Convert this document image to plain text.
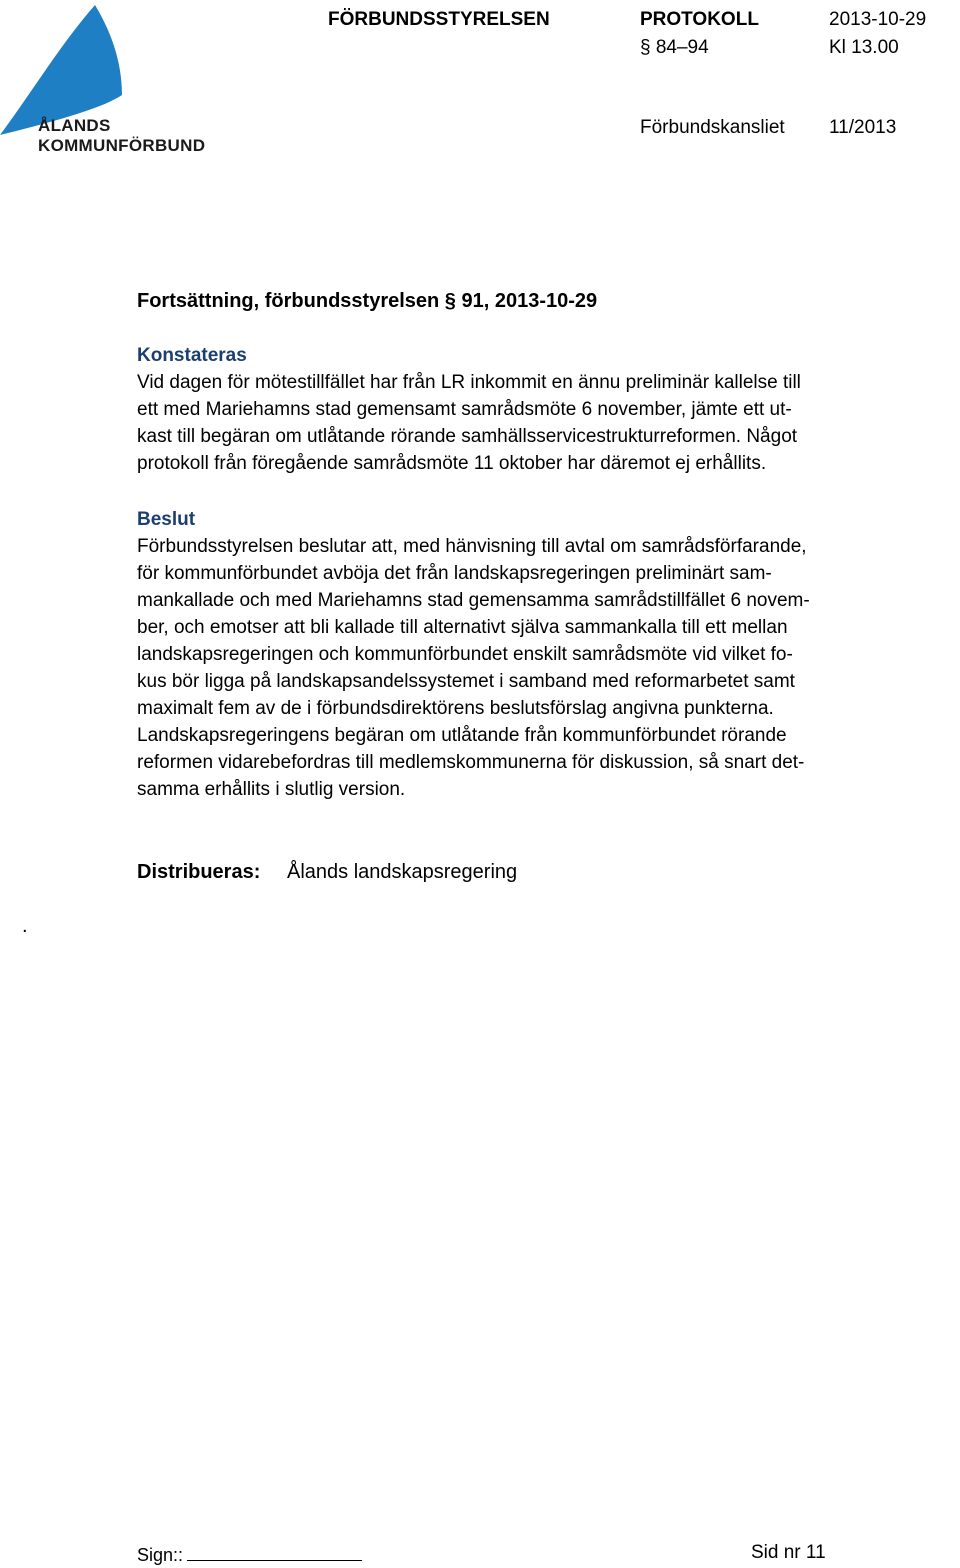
ÅLANDS
KOMMUNFÖRBUND
FÖRBUNDSSTYRELSEN	PROTOKOLL	2013-10-29
§ 84–94	Kl 13.00
Förbundskansliet 11/2013
Fortsättning, förbundsstyrelsen § 91, 2013-10-29
Konstateras
Vid dagen för mötestillfället har från LR inkommit en ännu preliminär kallelse till
ett med Mariehamns stad gemensamt samrådsmöte 6 november, jämte ett ut-
kast till begäran om utlåtande rörande samhällsservicestrukturreformen. Något
protokoll från föregående samrådsmöte 11 oktober har däremot ej erhållits.
Beslut
Förbundsstyrelsen beslutar att, med hänvisning till avtal om samrådsförfarande,
för kommunförbundet avböja det från landskapsregeringen preliminärt sam-
mankallade och med Mariehamns stad gemensamma samrådstillfället 6 novem-
ber, och emotser att bli kallade till alternativt själva sammankalla till ett mellan
landskapsregeringen och kommunförbundet enskilt samrådsmöte vid vilket fo-
kus bör ligga på landskapsandelssystemet i samband med reformarbetet samt
maximalt fem av de i förbundsdirektörens beslutsförslag angivna punkterna.
Landskapsregeringens begäran om utlåtande från kommunförbundet rörande
reformen vidarebefordras till medlemskommunerna för diskussion, så snart det-
samma erhållits i slutlig version.
Distribueras: Ålands landskapsregering
.
Sign::	Sid nr 11
